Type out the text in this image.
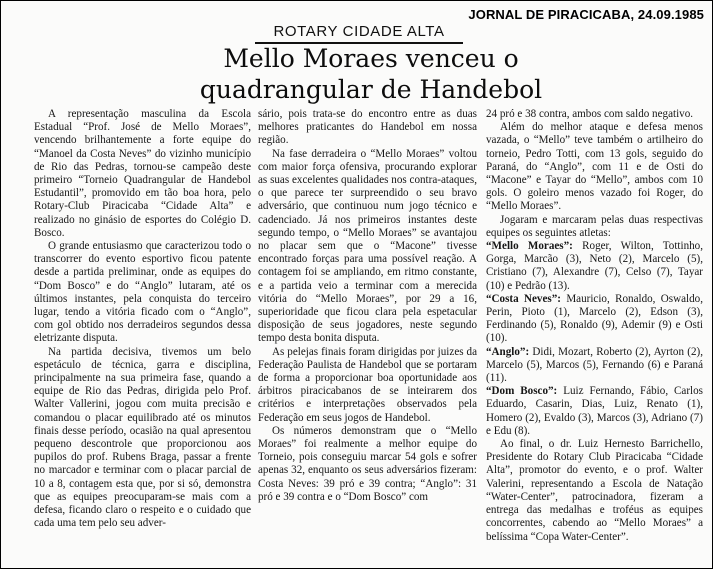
JORNAL DE PIRACICABA, 24.09.1985
ROTARY CIDADE ALTA
Mello Moraes venceu o quadrangular de Handebol

A representação masculina da Escola Estadual “Prof. José de Mello Moraes”, vencendo brilhantemente a forte equipe do “Manoel da Costa Neves” do vizinho município de Rio das Pedras, tornou-se campeão deste primeiro “Torneio Quadrangular de Handebol Estudantil”, promovido em tão boa hora, pelo Rotary-Club Piracicaba “Cidade Alta” e realizado no ginásio de esportes do Colégio D. Bosco.

O grande entusiasmo que caracterizou todo o transcorrer do evento esportivo ficou patente desde a partida preliminar, onde as equipes do “Dom Bosco” e do “Anglo” lutaram, até os últimos instantes, pela conquista do terceiro lugar, tendo a vitória ficado com o “Anglo”, com gol obtido nos derradeiros segundos dessa eletrizante disputa.

Na partida decisiva, tivemos um belo espetáculo de técnica, garra e disciplina, principalmente na sua primeira fase, quando a equipe de Rio das Pedras, dirigida pelo Prof. Walter Vallerini, jogou com muita precisão e comandou o placar equilibrado até os minutos finais desse período, ocasião na qual apresentou pequeno descontrole que proporcionou aos pupilos do prof. Rubens Braga, passar a frente no marcador e terminar com o placar parcial de 10 a 8, contagem esta que, por si só, demonstra que as equipes preocuparam-se mais com a defesa, ficando claro o respeito e o cuidado que cada uma tem pelo seu adver-

sário, pois trata-se do encontro entre as duas melhores praticantes do Handebol em nossa região.

Na fase derradeira o “Mello Moraes” voltou com maior força ofensiva, procurando explorar as suas excelentes qualidades nos contra-ataques, o que parece ter surpreendido o seu bravo adversário, que continuou num jogo técnico e cadenciado. Já nos primeiros instantes deste segundo tempo, o “Mello Moraes” se avantajou no placar sem que o “Macone” tivesse encontrado forças para uma possível reação. A contagem foi se ampliando, em ritmo constante, e a partida veio a terminar com a merecida vitória do “Mello Moraes”, por 29 a 16, superioridade que ficou clara pela espetacular disposição de seus jogadores, neste segundo tempo desta bonita disputa.

As pelejas finais foram dirigidas por juizes da Federação Paulista de Handebol que se portaram de forma a proporcionar boa oportunidade aos árbitros piracicabanos de se inteirarem dos critérios e interpretações observados pela Federação em seus jogos de Handebol.

Os números demonstram que o “Mello Moraes” foi realmente a melhor equipe do Torneio, pois conseguiu marcar 54 gols e sofrer apenas 32, enquanto os seus adversários fizeram: Costa Neves: 39 pró e 39 contra; “Anglo”: 31 pró e 39 contra e o “Dom Bosco” com

24 pró e 38 contra, ambos com saldo negativo.

Além do melhor ataque e defesa menos vazada, o “Mello” teve também o artilheiro do torneio, Pedro Totti, com 13 gols, seguido do Paraná, do “Anglo”, com 11 e de Osti do “Macone” e Tayar do “Mello”, ambos com 10 gols. O goleiro menos vazado foi Roger, do “Mello Moraes”.

Jogaram e marcaram pelas duas respectivas equipes os seguintes atletas:

“Mello Moraes”: Roger, Wilton, Tottinho, Gorga, Marcão (3), Neto (2), Marcelo (5), Cristiano (7), Alexandre (7), Celso (7), Tayar (10) e Pedrão (13).

“Costa Neves”: Mauricio, Ronaldo, Oswaldo, Perin, Pioto (1), Marcelo (2), Edson (3), Ferdinando (5), Ronaldo (9), Ademir (9) e Osti (10).

“Anglo”: Didi, Mozart, Roberto (2), Ayrton (2), Marcelo (5), Marcos (5), Fernando (6) e Paraná (11).

“Dom Bosco”: Luiz Fernando, Fábio, Carlos Eduardo, Casarin, Dias, Luiz, Renato (1), Homero (2), Evaldo (3), Marcos (3), Adriano (7) e Edu (8).

Ao final, o dr. Luiz Hernesto Barrichello, Presidente do Rotary Club Piracicaba “Cidade Alta”, promotor do evento, e o prof. Walter Valerini, representando a Escola de Natação “Water-Center”, patrocinadora, fizeram a entrega das medalhas e troféus as equipes concorrentes, cabendo ao “Mello Moraes” a belíssima “Copa Water-Center”.
